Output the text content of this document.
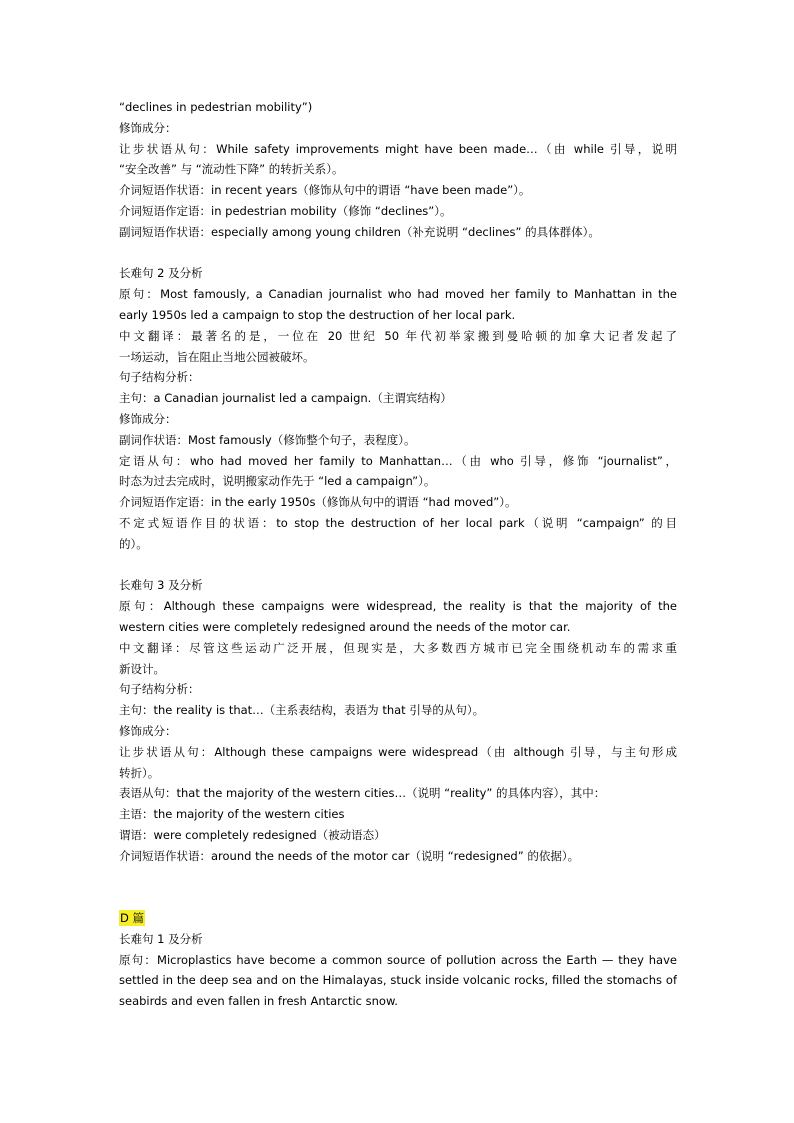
“declines in pedestrian mobility”)
修饰成分：
让步状语从句：While safety improvements might have been made…（由 while 引导，说明
“安全改善” 与 “流动性下降” 的转折关系）。
介词短语作状语：in recent years（修饰从句中的谓语 “have been made”）。
介词短语作定语：in pedestrian mobility（修饰 “declines”）。
副词短语作状语：especially among young children（补充说明 “declines” 的具体群体）。
长难句 2 及分析
原句：Most famously, a Canadian journalist who had moved her family to Manhattan in the
early 1950s led a campaign to stop the destruction of her local park.
中文翻译：最著名的是，一位在 20 世纪 50 年代初举家搬到曼哈顿的加拿大记者发起了
一场运动，旨在阻止当地公园被破坏。
句子结构分析：
主句：a Canadian journalist led a campaign.（主谓宾结构）
修饰成分：
副词作状语：Most famously（修饰整个句子，表程度）。
定语从句：who had moved her family to Manhattan…（由 who 引导，修饰 “journalist”，
时态为过去完成时，说明搬家动作先于 “led a campaign”）。
介词短语作定语：in the early 1950s（修饰从句中的谓语 “had moved”）。
不定式短语作目的状语：to stop the destruction of her local park（说明 “campaign” 的目
的）。
长难句 3 及分析
原句：Although these campaigns were widespread, the reality is that the majority of the
western cities were completely redesigned around the needs of the motor car.
中文翻译：尽管这些运动广泛开展，但现实是，大多数西方城市已完全围绕机动车的需求重
新设计。
句子结构分析：
主句：the reality is that…（主系表结构，表语为 that 引导的从句）。
修饰成分：
让步状语从句：Although these campaigns were widespread（由 although 引导，与主句形成
转折）。
表语从句：that the majority of the western cities…（说明 “reality” 的具体内容），其中：
主语：the majority of the western cities
谓语：were completely redesigned（被动语态）
介词短语作状语：around the needs of the motor car（说明 “redesigned” 的依据）。
D 篇
长难句 1 及分析
原句：Microplastics have become a common source of pollution across the Earth — they have
settled in the deep sea and on the Himalayas, stuck inside volcanic rocks, filled the stomachs of
seabirds and even fallen in fresh Antarctic snow.
